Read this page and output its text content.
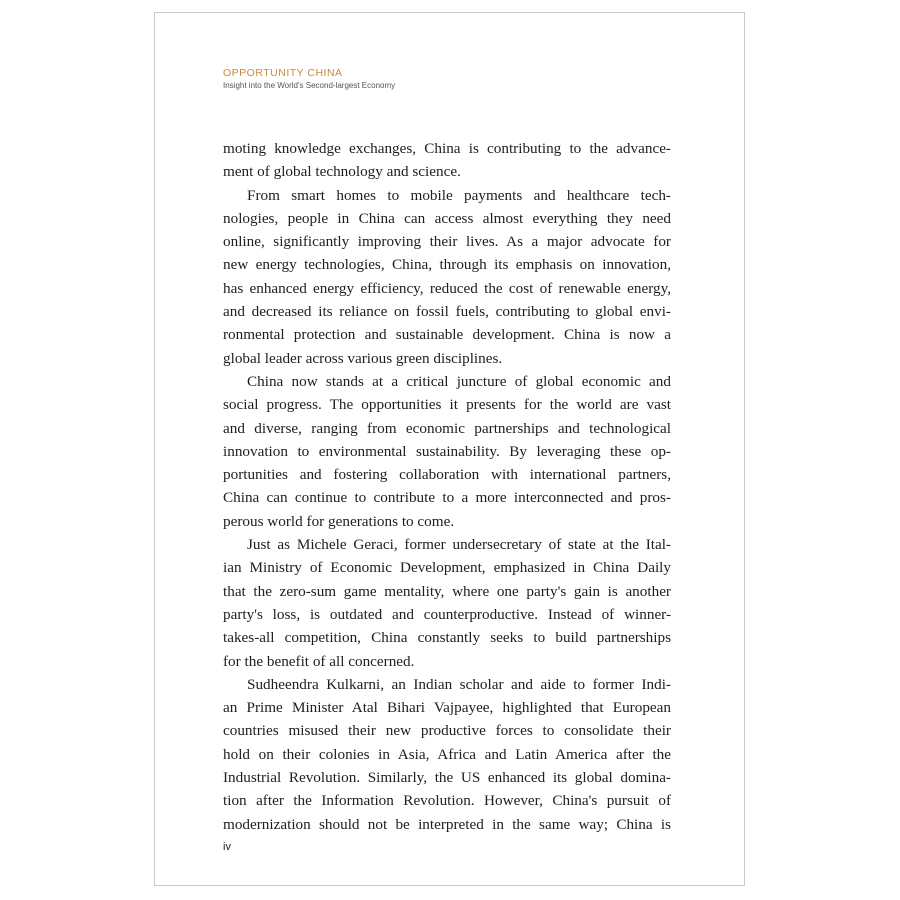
OPPORTUNITY CHINA
Insight into the World's Second-largest Economy
moting knowledge exchanges, China is contributing to the advance-
ment of global technology and science.
From smart homes to mobile payments and healthcare tech-
nologies, people in China can access almost everything they need
online, significantly improving their lives. As a major advocate for
new energy technologies, China, through its emphasis on innovation,
has enhanced energy efficiency, reduced the cost of renewable energy,
and decreased its reliance on fossil fuels, contributing to global envi-
ronmental protection and sustainable development. China is now a
global leader across various green disciplines.
China now stands at a critical juncture of global economic and
social progress. The opportunities it presents for the world are vast
and diverse, ranging from economic partnerships and technological
innovation to environmental sustainability. By leveraging these op-
portunities and fostering collaboration with international partners,
China can continue to contribute to a more interconnected and pros-
perous world for generations to come.
Just as Michele Geraci, former undersecretary of state at the Ital-
ian Ministry of Economic Development, emphasized in China Daily
that the zero-sum game mentality, where one party's gain is another
party's loss, is outdated and counterproductive. Instead of winner-
takes-all competition, China constantly seeks to build partnerships
for the benefit of all concerned.
Sudheendra Kulkarni, an Indian scholar and aide to former Indi-
an Prime Minister Atal Bihari Vajpayee, highlighted that European
countries misused their new productive forces to consolidate their
hold on their colonies in Asia, Africa and Latin America after the
Industrial Revolution. Similarly, the US enhanced its global domina-
tion after the Information Revolution. However, China's pursuit of
modernization should not be interpreted in the same way; China is
iv
